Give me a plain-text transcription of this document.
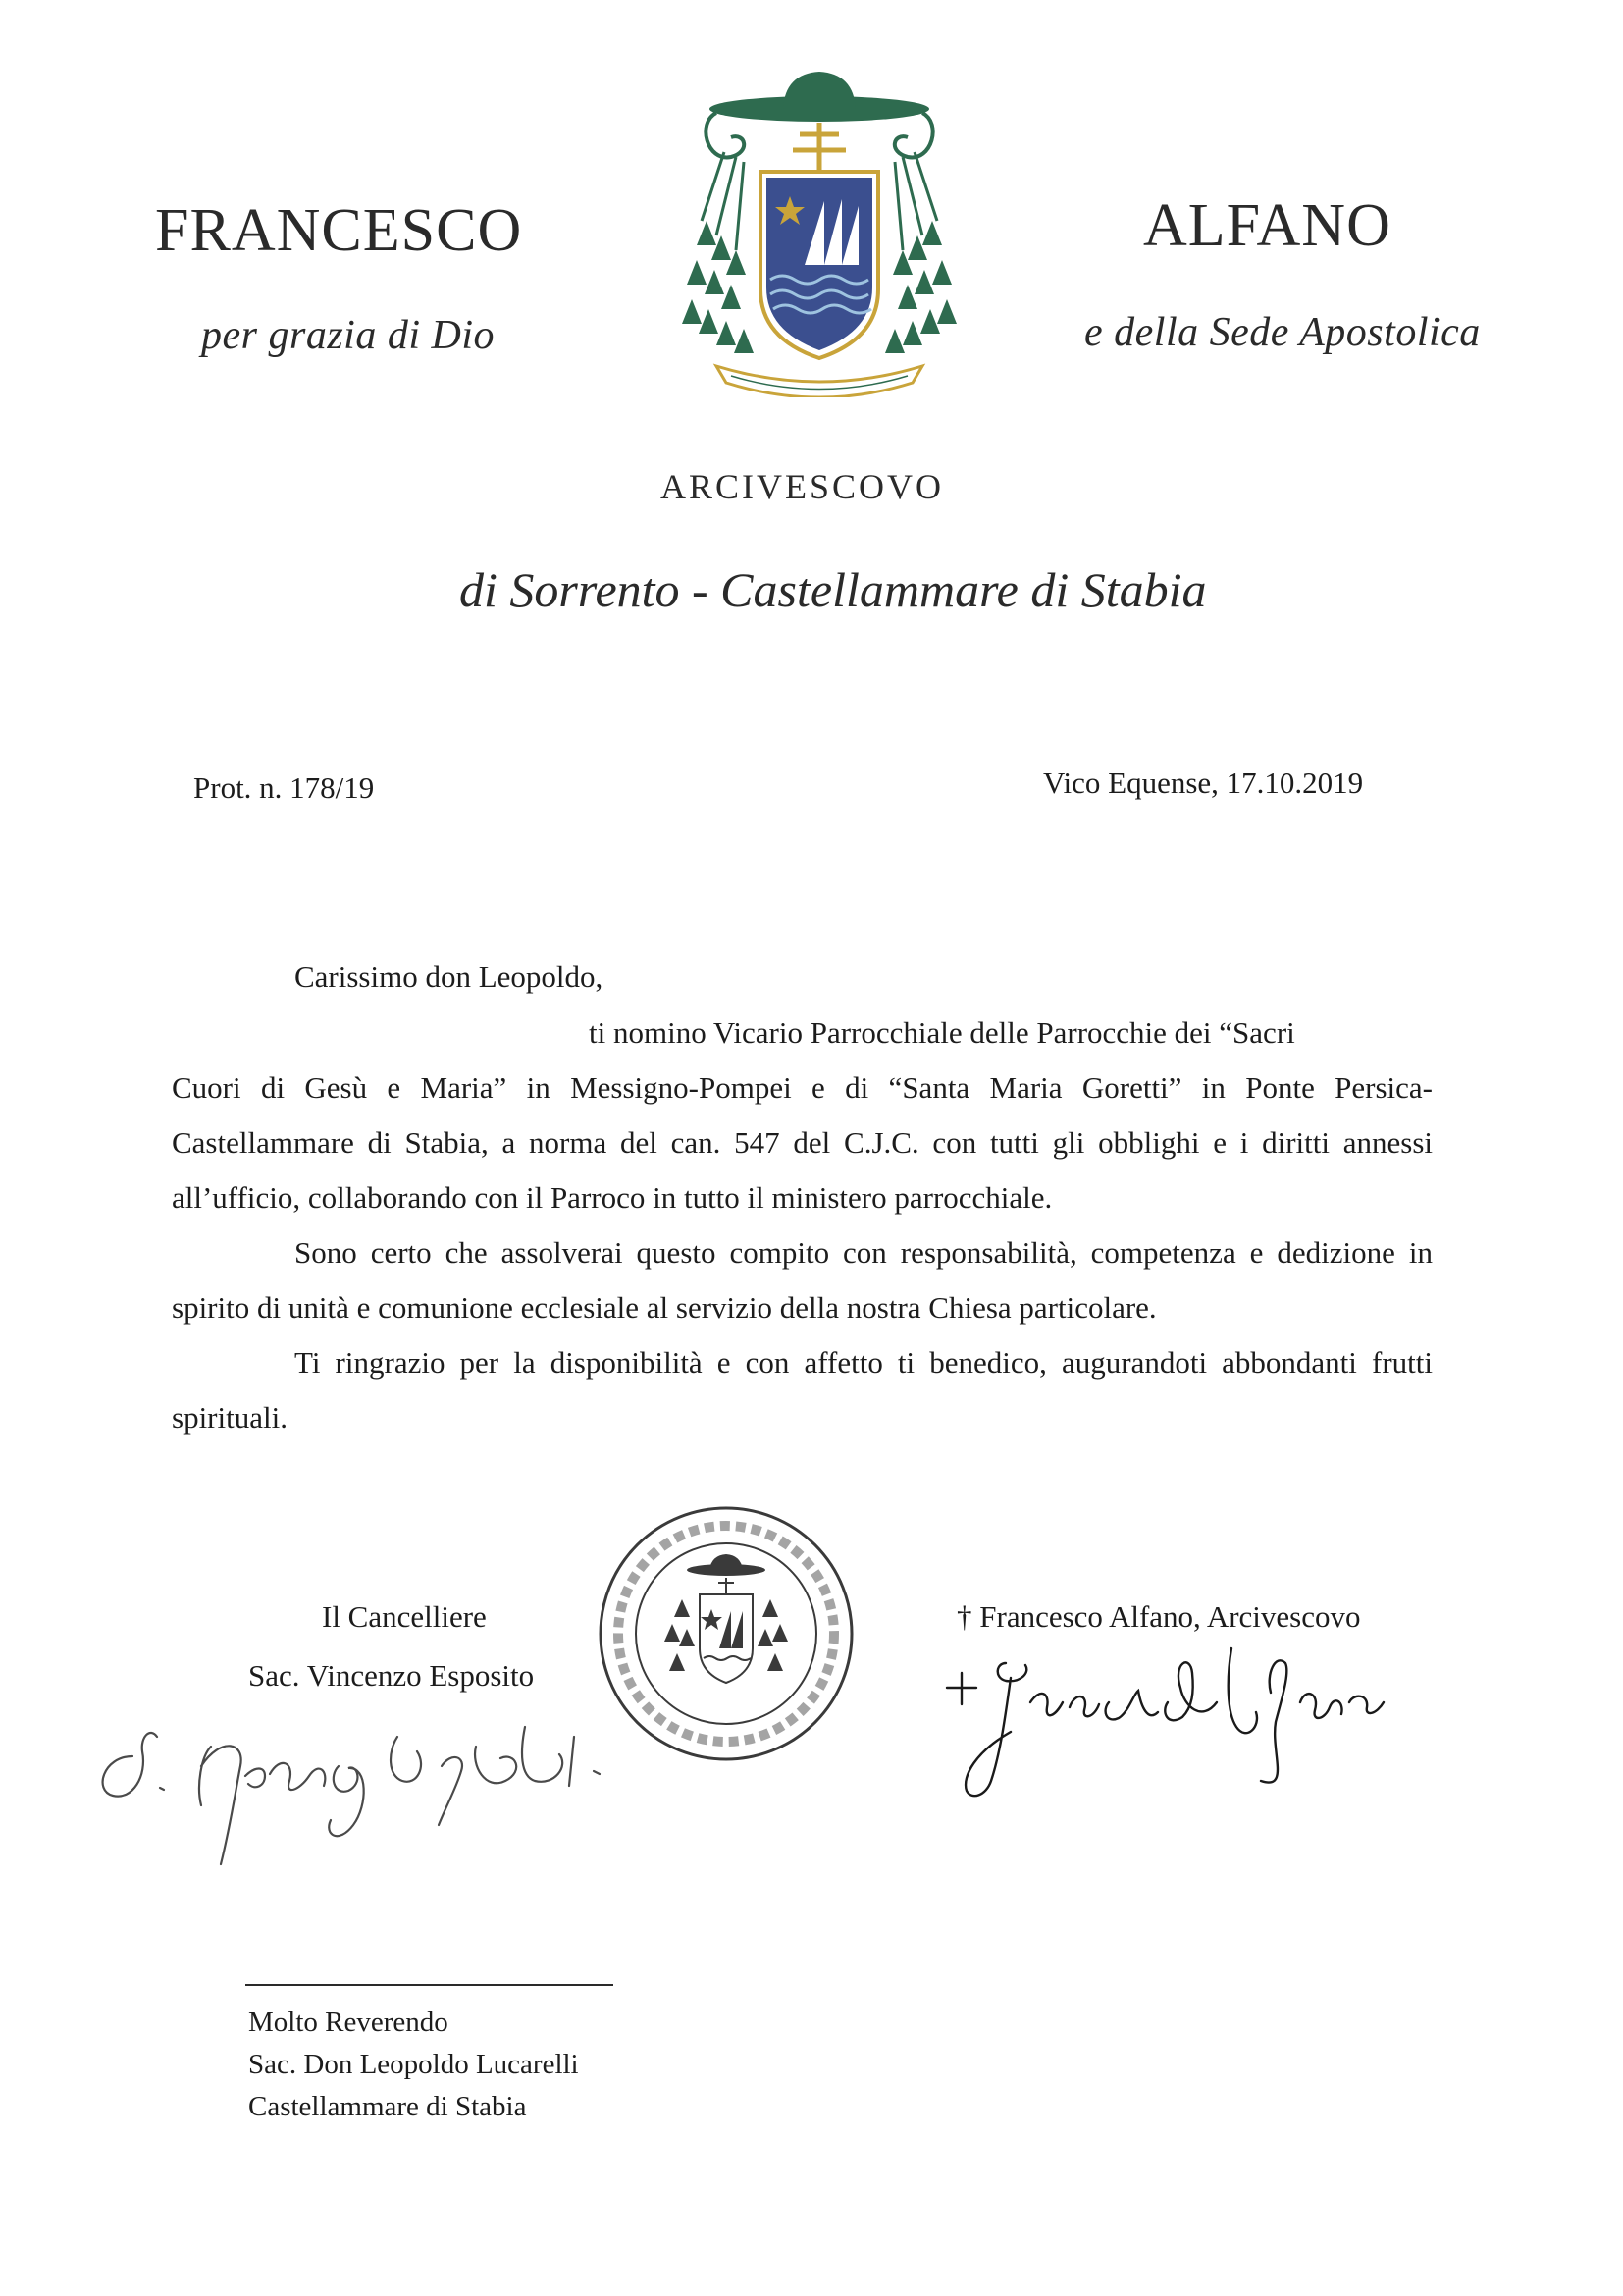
FRANCESCO	ALFANO
per grazia di Dio	e della Sede Apostolica
ARCIVESCOVO
di Sorrento - Castellammare di Stabia
Prot. n. 178/19	Vico Equense, 17.10.2019
Carissimo don Leopoldo,
ti nomino Vicario Parrocchiale delle Parrocchie dei “Sacri

Cuori di Gesù e Maria” in Messigno-Pompei e di “Santa Maria Goretti” in Ponte Persica-Castellammare di Stabia, a norma del can. 547 del C.J.C. con tutti gli obblighi e i diritti annessi all’ufficio, collaborando con il Parroco in tutto il ministero parrocchiale.

Sono certo che assolverai questo compito con responsabilità, competenza e dedizione in spirito di unità e comunione ecclesiale al servizio della nostra Chiesa particolare.

Ti ringrazio per la disponibilità e con affetto ti benedico, augurandoti abbondanti frutti spirituali.

Il Cancelliere
Sac. Vincenzo Esposito
† Francesco Alfano, Arcivescovo
Molto Reverendo
Sac. Don Leopoldo Lucarelli
Castellammare di Stabia
